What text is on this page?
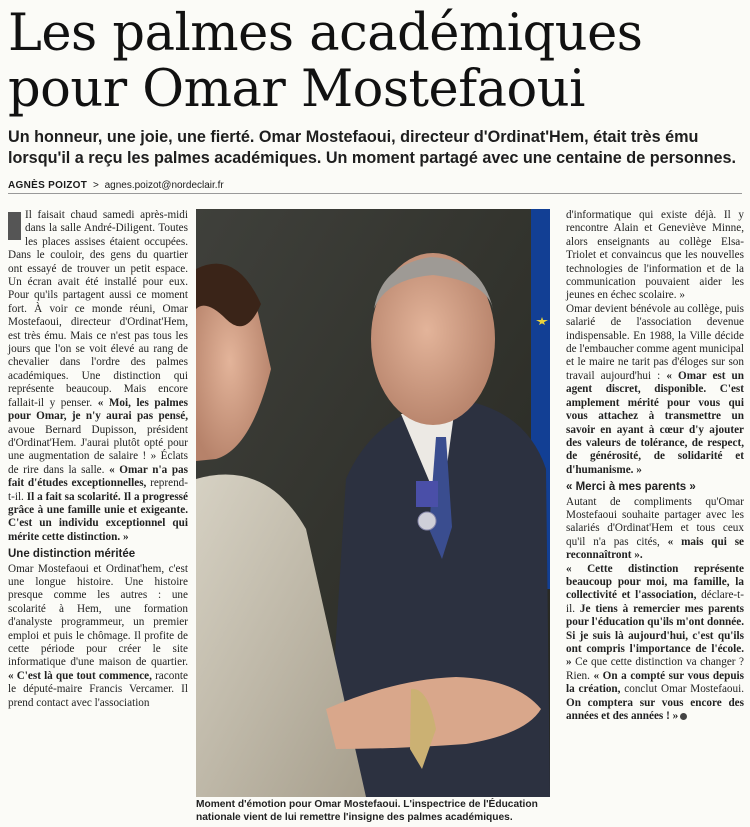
Les palmes académiques
pour Omar Mostefaoui

Un honneur, une joie, une fierté. Omar Mostefaoui, directeur d'Ordinat'Hem, était très ému
lorsqu'il a reçu les palmes académiques. Un moment partagé avec une centaine de personnes.

AGNÈS POIZOT > agnes.poizot@nordeclair.fr

Il faisait chaud samedi après-midi dans la salle André-Diligent. Toutes les places assises étaient occupées. Dans le couloir, des gens du quartier ont essayé de trouver un petit espace. Un écran avait été installé pour eux. Pour qu'ils partagent aussi ce moment fort. À voir ce monde réuni, Omar Mostefaoui, directeur d'Ordinat'Hem, est très ému. Mais ce n'est pas tous les jours que l'on se voit élevé au rang de chevalier dans l'ordre des palmes académiques. Une distinction qui représente beaucoup. Mais encore fallait-il y penser. « Moi, les palmes pour Omar, je n'y aurai pas pensé, avoue Bernard Dupisson, président d'Ordinat'Hem. J'aurai plutôt opté pour une augmentation de salaire ! » Éclats de rire dans la salle. « Omar n'a pas fait d'études exceptionnelles, reprend-t-il. Il a fait sa scolarité. Il a progressé grâce à une famille unie et exigeante. C'est un individu exceptionnel qui mérite cette distinction. »

Une distinction méritée

Omar Mostefaoui et Ordinat'hem, c'est une longue histoire. Une histoire presque comme les autres : une scolarité à Hem, une formation d'analyste programmeur, un premier emploi et puis le chômage. Il profite de cette période pour créer le site informatique d'une maison de quartier. « C'est là que tout commence, raconte le député-maire Francis Vercamer. Il prend contact avec l'association

Moment d'émotion pour Omar Mostefaoui. L'inspectrice de l'Éducation
nationale vient de lui remettre l'insigne des palmes académiques.

d'informatique qui existe déjà. Il y rencontre Alain et Geneviève Minne, alors enseignants au collège Elsa-Triolet et convaincus que les nouvelles technologies de l'information et de la communication pouvaient aider les jeunes en échec scolaire. »

Omar devient bénévole au collège, puis salarié de l'association devenue indispensable. En 1988, la Ville décide de l'embaucher comme agent municipal et le maire ne tarit pas d'éloges sur son travail aujourd'hui : « Omar est un agent discret, disponible. C'est amplement mérité pour vous qui vous attachez à transmettre un savoir en ayant à cœur d'y ajouter des valeurs de tolérance, de respect, de générosité, de solidarité et d'humanisme. »

« Merci à mes parents »

Autant de compliments qu'Omar Mostefaoui souhaite partager avec les salariés d'Ordinat'Hem et tous ceux qu'il n'a pas cités, « mais qui se reconnaîtront ».

« Cette distinction représente beaucoup pour moi, ma famille, la collectivité et l'association, déclare-t-il. Je tiens à remercier mes parents pour l'éducation qu'ils m'ont donnée. Si je suis là aujourd'hui, c'est qu'ils ont compris l'importance de l'école. » Ce que cette distinction va changer ? Rien. « On a compté sur vous depuis la création, conclut Omar Mostefaoui. On comptera sur vous encore des années et des années ! »
